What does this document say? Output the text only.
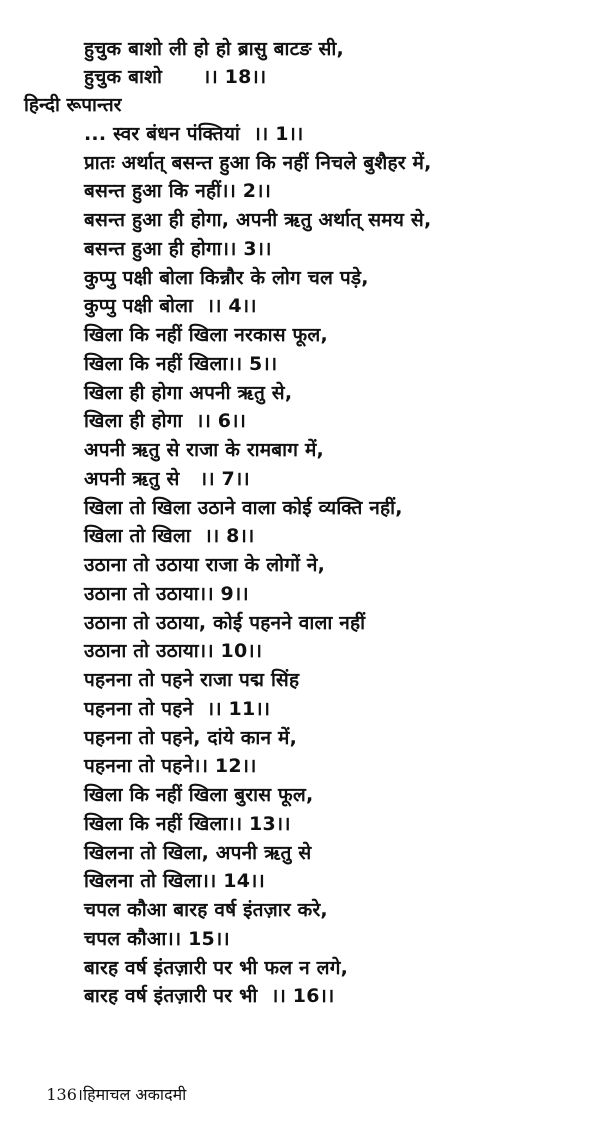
हुचुक बाशो ली हो हो ब्रासु बाटङ सी,
हुचुक बाशो      ।। 18।।
हिन्दी रूपान्तर
... स्वर बंधन पंक्तियां  ।। 1।।
प्रातः अर्थात् बसन्त हुआ कि नहीं निचले बुशैहर में,
बसन्त हुआ कि नहीं।। 2।।
बसन्त हुआ ही होगा, अपनी ऋतु अर्थात् समय से,
बसन्त हुआ ही होगा।। 3।।
कुप्पु पक्षी बोला किन्नौर के लोग चल पड़े,
कुप्पु पक्षी बोला  ।। 4।।
खिला कि नहीं खिला नरकास फूल,
खिला कि नहीं खिला।। 5।।
खिला ही होगा अपनी ऋतु से,
खिला ही होगा  ।। 6।।
अपनी ऋतु से राजा के रामबाग में,
अपनी ऋतु से   ।। 7।।
खिला तो खिला उठाने वाला कोई व्यक्ति नहीं,
खिला तो खिला  ।। 8।।
उठाना तो उठाया राजा के लोगों ने,
उठाना तो उठाया।। 9।।
उठाना तो उठाया, कोई पहनने वाला नहीं
उठाना तो उठाया।। 10।।
पहनना तो पहने राजा पद्म सिंह
पहनना तो पहने  ।। 11।।
पहनना तो पहने, दांये कान में,
पहनना तो पहने।। 12।।
खिला कि नहीं खिला बुरास फूल,
खिला कि नहीं खिला।। 13।।
खिलना तो खिला, अपनी ऋतु से
खिलना तो खिला।। 14।।
चपल कौआ बारह वर्ष इंतज़ार करे,
चपल कौआ।। 15।।
बारह वर्ष इंतज़ारी पर भी फल न लगे,
बारह वर्ष इंतज़ारी पर भी  ।। 16।।

136।हिमाचल अकादमी
